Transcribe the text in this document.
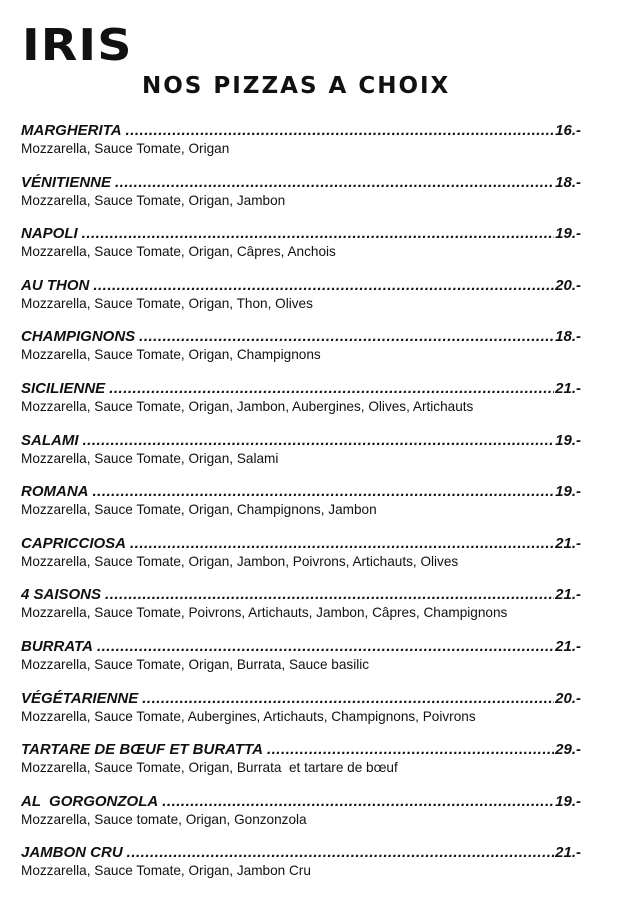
IRIS
NOS PIZZAS A CHOIX
MARGHERITA .....	16.-
Mozzarella, Sauce Tomate, Origan
VÉNITIENNE .....	18.-
Mozzarella, Sauce Tomate, Origan, Jambon
NAPOLI .....	19.-
Mozzarella, Sauce Tomate, Origan, Câpres, Anchois
AU THON .....	20.-
Mozzarella, Sauce Tomate, Origan, Thon, Olives
CHAMPIGNONS .....	18.-
Mozzarella, Sauce Tomate, Origan, Champignons
SICILIENNE .....	21.-
Mozzarella, Sauce Tomate, Origan, Jambon, Aubergines, Olives, Artichauts
SALAMI .....	19.-
Mozzarella, Sauce Tomate, Origan, Salami
ROMANA .....	19.-
Mozzarella, Sauce Tomate, Origan, Champignons, Jambon
CAPRICCIOSA .....	21.-
Mozzarella, Sauce Tomate, Origan, Jambon, Poivrons, Artichauts, Olives
4 SAISONS .....	21.-
Mozzarella, Sauce Tomate, Poivrons, Artichauts, Jambon, Câpres, Champignons
BURRATA .....	21.-
Mozzarella, Sauce Tomate, Origan, Burrata, Sauce basilic
VÉGÉTARIENNE .....	20.-
Mozzarella, Sauce Tomate, Aubergines, Artichauts, Champignons, Poivrons
TARTARE DE BŒUF ET BURATTA .....	29.-
Mozzarella, Sauce Tomate, Origan, Burrata  et tartare de bœuf
AL  GORGONZOLA .....	19.-
Mozzarella, Sauce tomate, Origan, Gonzonzola
JAMBON CRU .....	21.-
Mozzarella, Sauce Tomate, Origan, Jambon Cru
